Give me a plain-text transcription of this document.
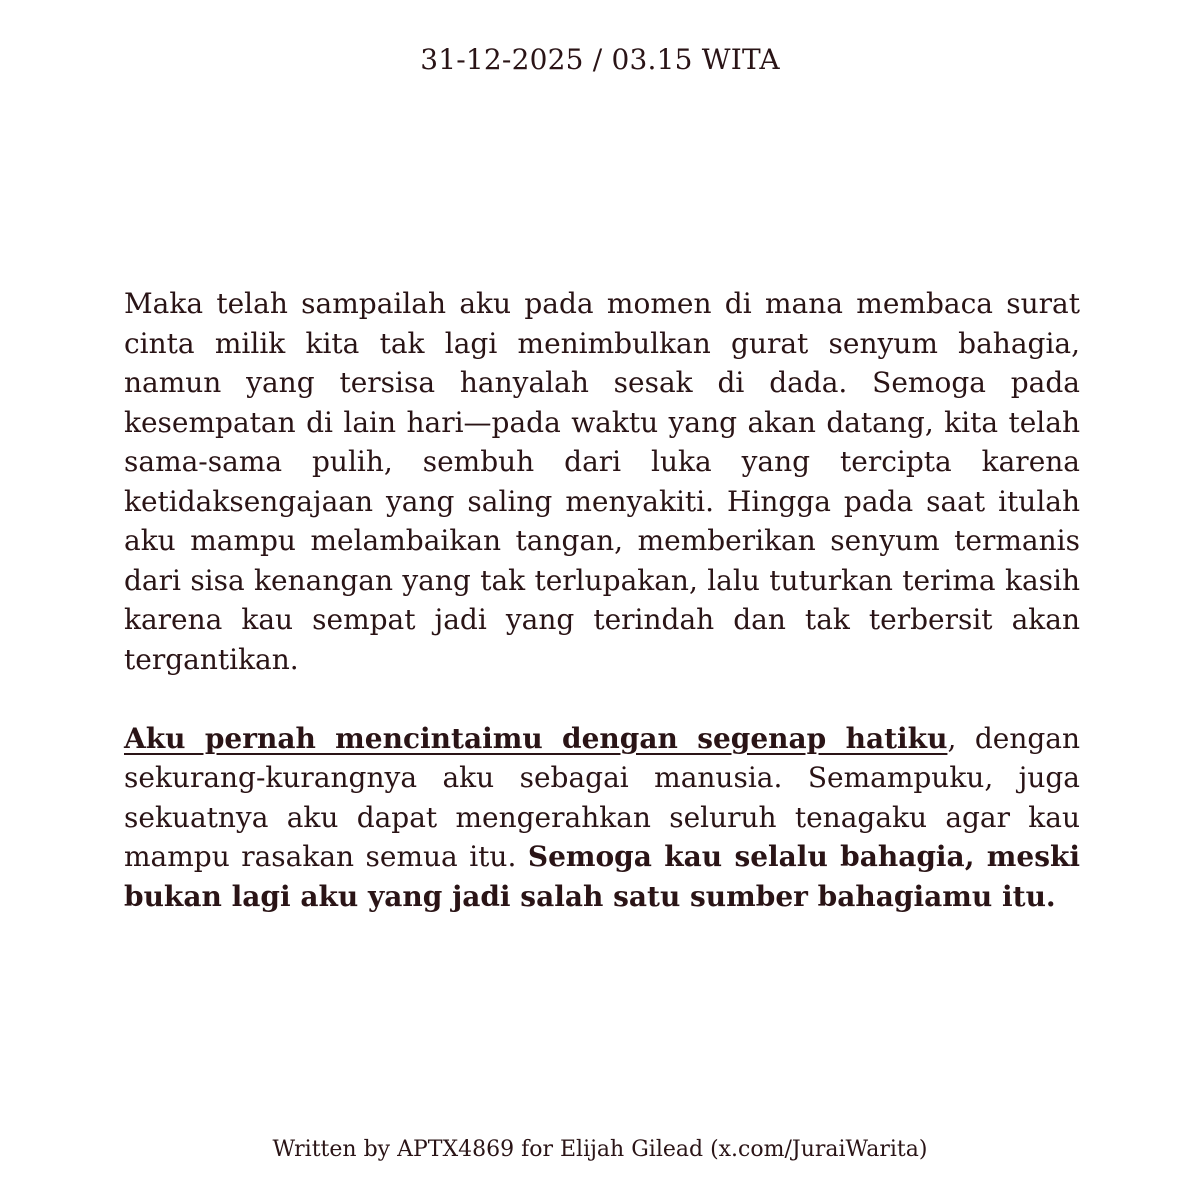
31-12-2025 / 03.15 WITA

Maka telah sampailah aku pada momen di mana membaca surat cinta milik kita tak lagi menimbulkan gurat senyum bahagia, namun yang tersisa hanyalah sesak di dada. Semoga pada kesempatan di lain hari—pada waktu yang akan datang, kita telah sama-sama pulih, sembuh dari luka yang tercipta karena ketidaksengajaan yang saling menyakiti. Hingga pada saat itulah aku mampu melambaikan tangan, memberikan senyum termanis dari sisa kenangan yang tak terlupakan, lalu tuturkan terima kasih karena kau sempat jadi yang terindah dan tak terbersit akan tergantikan.

Aku pernah mencintaimu dengan segenap hatiku, dengan sekurang-kurangnya aku sebagai manusia. Semampuku, juga sekuatnya aku dapat mengerahkan seluruh tenagaku agar kau mampu rasakan semua itu. Semoga kau selalu bahagia, meski bukan lagi aku yang jadi salah satu sumber bahagiamu itu.

Written by APTX4869 for Elijah Gilead (x.com/JuraiWarita)
